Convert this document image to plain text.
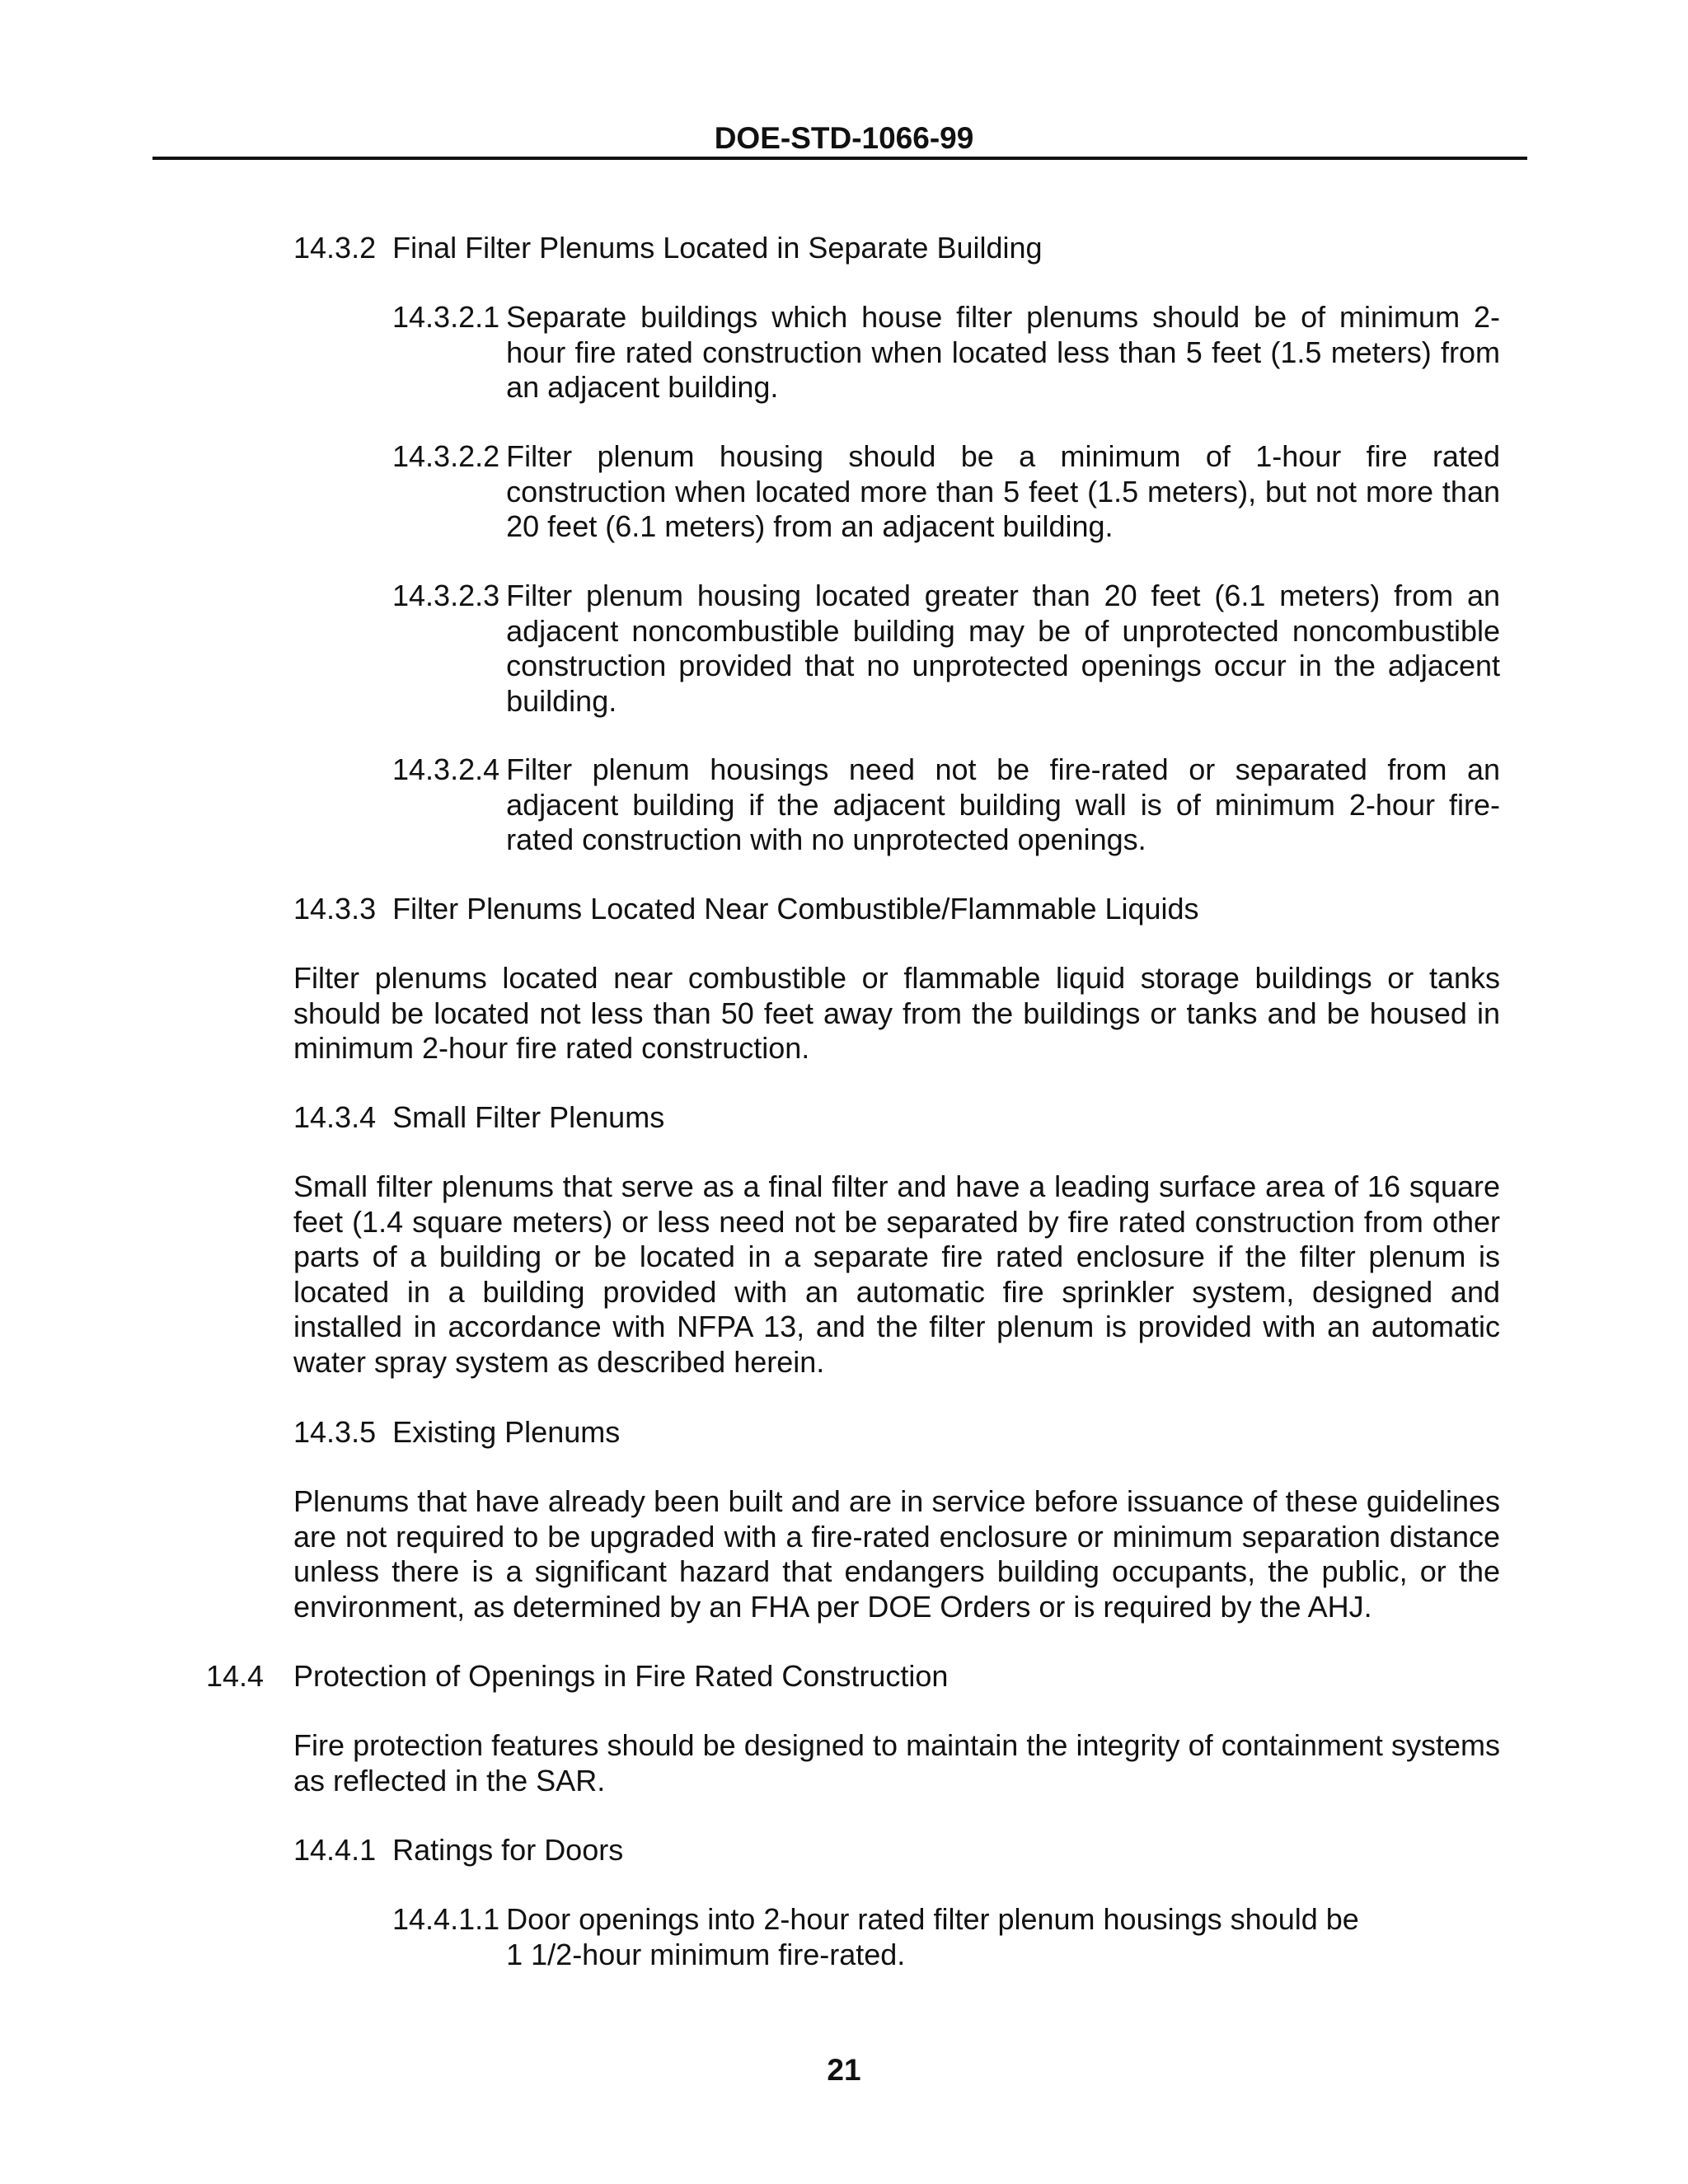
DOE-STD-1066-99
14.3.2 Final Filter Plenums Located in Separate Building
14.3.2.1 Separate buildings which house filter plenums should be of minimum 2-hour fire rated construction when located less than 5 feet (1.5 meters) from an adjacent building.
14.3.2.2 Filter plenum housing should be a minimum of 1-hour fire rated construction when located more than 5 feet (1.5 meters), but not more than 20 feet (6.1 meters) from an adjacent building.
14.3.2.3 Filter plenum housing located greater than 20 feet (6.1 meters) from an adjacent noncombustible building may be of unprotected noncombustible construction provided that no unprotected openings occur in the adjacent building.
14.3.2.4 Filter plenum housings need not be fire-rated or separated from an adjacent building if the adjacent building wall is of minimum 2-hour fire-rated construction with no unprotected openings.
14.3.3 Filter Plenums Located Near Combustible/Flammable Liquids
Filter plenums located near combustible or flammable liquid storage buildings or tanks should be located not less than 50 feet away from the buildings or tanks and be housed in minimum 2-hour fire rated construction.
14.3.4 Small Filter Plenums
Small filter plenums that serve as a final filter and have a leading surface area of 16 square feet (1.4 square meters) or less need not be separated by fire rated construction from other parts of a building or be located in a separate fire rated enclosure if the filter plenum is located in a building provided with an automatic fire sprinkler system, designed and installed in accordance with NFPA 13, and the filter plenum is provided with an automatic water spray system as described herein.
14.3.5 Existing Plenums
Plenums that have already been built and are in service before issuance of these guidelines are not required to be upgraded with a fire-rated enclosure or minimum separation distance unless there is a significant hazard that endangers building occupants, the public, or the environment, as determined by an FHA per DOE Orders or is required by the AHJ.
14.4 Protection of Openings in Fire Rated Construction
Fire protection features should be designed to maintain the integrity of containment systems as reflected in the SAR.
14.4.1 Ratings for Doors
14.4.1.1 Door openings into 2-hour rated filter plenum housings should be
1 1/2-hour minimum fire-rated.
21
